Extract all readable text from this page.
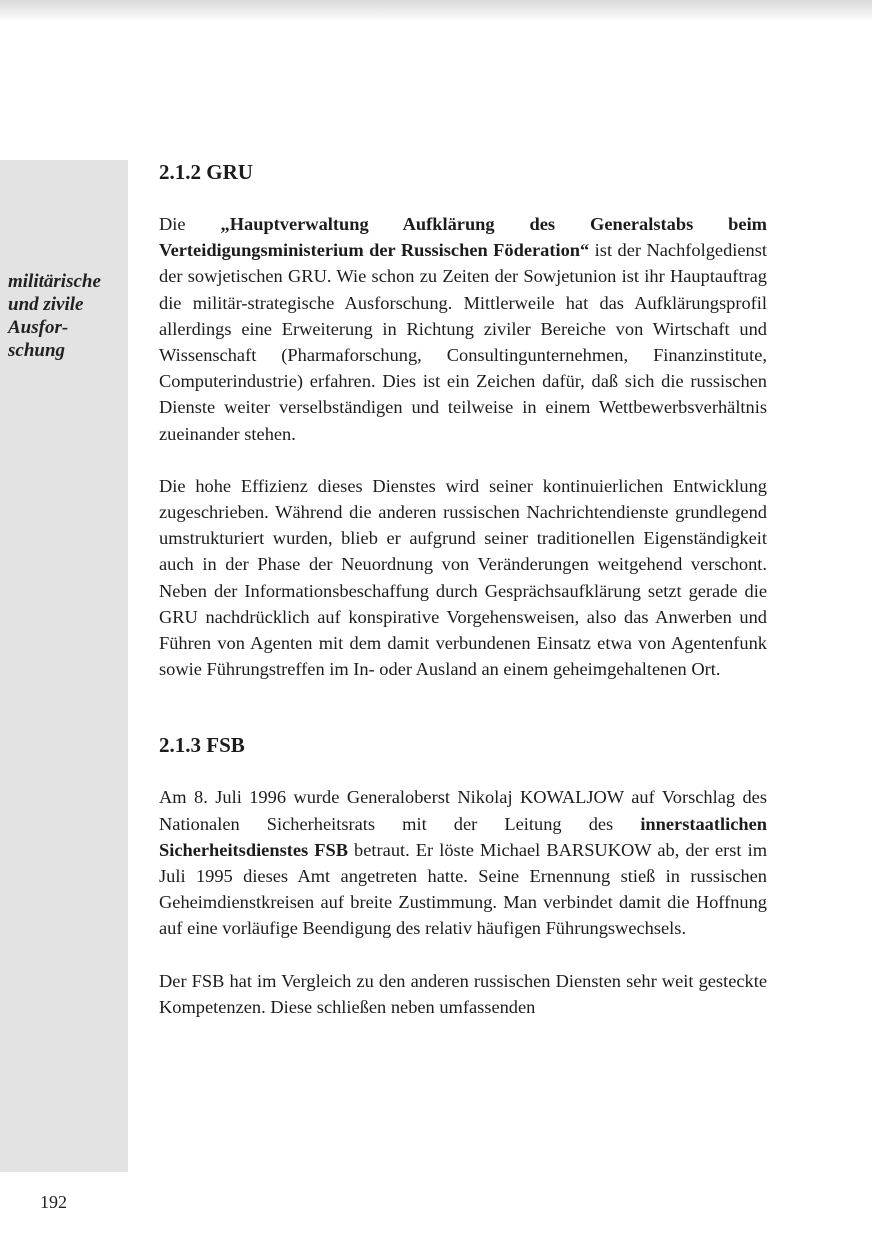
militärische
und zivile
Ausfor-
schung
2.1.2 GRU

Die „Hauptverwaltung Aufklärung des Generalstabs beim Verteidigungsministerium der Russischen Föderation“ ist der Nachfolgedienst der sowjetischen GRU. Wie schon zu Zeiten der Sowjetunion ist ihr Hauptauftrag die militär-strategische Ausforschung. Mittlerweile hat das Aufklärungsprofil allerdings eine Erweiterung in Richtung ziviler Bereiche von Wirtschaft und Wissenschaft (Pharmaforschung, Consultingunternehmen, Finanzinstitute, Computerindustrie) erfahren. Dies ist ein Zeichen dafür, daß sich die russischen Dienste weiter verselbständigen und teilweise in einem Wettbewerbsverhältnis zueinander stehen.

Die hohe Effizienz dieses Dienstes wird seiner kontinuierlichen Entwicklung zugeschrieben. Während die anderen russischen Nachrichtendienste grundlegend umstrukturiert wurden, blieb er aufgrund seiner traditionellen Eigenständigkeit auch in der Phase der Neuordnung von Veränderungen weitgehend verschont. Neben der Informationsbeschaffung durch Gesprächsaufklärung setzt gerade die GRU nachdrücklich auf konspirative Vorgehensweisen, also das Anwerben und Führen von Agenten mit dem damit verbundenen Einsatz etwa von Agentenfunk sowie Führungstreffen im In- oder Ausland an einem geheimgehaltenen Ort.

2.1.3 FSB

Am 8. Juli 1996 wurde Generaloberst Nikolaj KOWALJOW auf Vorschlag des Nationalen Sicherheitsrats mit der Leitung des innerstaatlichen Sicherheitsdienstes FSB betraut. Er löste Michael BARSUKOW ab, der erst im Juli 1995 dieses Amt angetreten hatte. Seine Ernennung stieß in russischen Geheimdienstkreisen auf breite Zustimmung. Man verbindet damit die Hoffnung auf eine vorläufige Beendigung des relativ häufigen Führungswechsels.

Der FSB hat im Vergleich zu den anderen russischen Diensten sehr weit gesteckte Kompetenzen. Diese schließen neben umfassenden

192
